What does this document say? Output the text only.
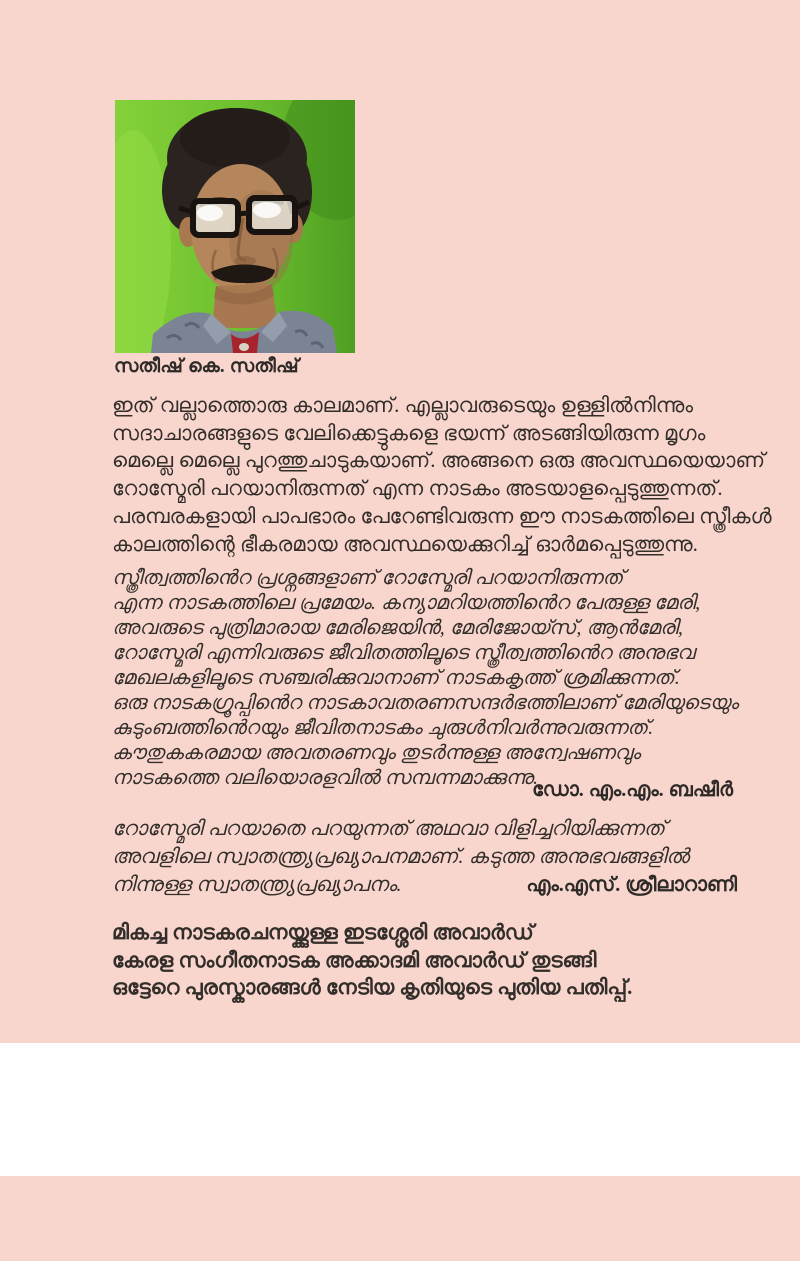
സതീഷ് കെ. സതീഷ്
ഇത് വല്ലാത്തൊരു കാലമാണ്. എല്ലാവരുടെയും ഉള്ളിൽനിന്നും
സദാചാരങ്ങളുടെ വേലിക്കെട്ടുകളെ ഭയന്ന് അടങ്ങിയിരുന്ന മൃഗം
മെല്ലെ മെല്ലെ പുറത്തുചാടുകയാണ്. അങ്ങനെ ഒരു അവസ്ഥയെയാണ്
റോസ്മേരി പറയാനിരുന്നത് എന്ന നാടകം അടയാളപ്പെടുത്തുന്നത്.
പരമ്പരകളായി പാപഭാരം പേറേണ്ടിവരുന്ന ഈ നാടകത്തിലെ സ്ത്രീകൾ
കാലത്തിന്റെ ഭീകരമായ അവസ്ഥയെക്കുറിച്ച് ഓർമപ്പെടുത്തുന്നു.
സ്ത്രീത്വത്തിൻെറ പ്രശ്നങ്ങളാണ് റോസ്മേരി പറയാനിരുന്നത്
എന്ന നാടകത്തിലെ പ്രമേയം. കന്യാമറിയത്തിൻെറ പേരുള്ള മേരി,
അവരുടെ പുത്രിമാരായ മേരിജെയിൻ, മേരിജോയ്സ്, ആൻമേരി,
റോസ്മേരി എന്നിവരുടെ ജീവിതത്തിലൂടെ സ്ത്രീത്വത്തിൻെറ അനുഭവ
മേഖലകളിലൂടെ സഞ്ചരിക്കുവാനാണ് നാടകകൃത്ത് ശ്രമിക്കുന്നത്.
ഒരു നാടകഗ്രൂപ്പിൻെറ നാടകാവതരണസന്ദർഭത്തിലാണ് മേരിയുടെയും
കുടുംബത്തിൻെറയും ജീവിതനാടകം ചുരുൾനിവർന്നുവരുന്നത്.
കൗതുകകരമായ അവതരണവും തുടർന്നുള്ള അന്വേഷണവും
നാടകത്തെ വലിയൊരളവിൽ സമ്പന്നമാക്കുന്നു.
ഡോ. എം.എം. ബഷീർ
റോസ്മേരി പറയാതെ പറയുന്നത് അഥവാ വിളിച്ചറിയിക്കുന്നത്
അവളിലെ സ്വാതന്ത്ര്യപ്രഖ്യാപനമാണ്. കടുത്ത അനുഭവങ്ങളിൽ
നിന്നുള്ള സ്വാതന്ത്ര്യപ്രഖ്യാപനം.	എം.എസ്. ശ്രീലാറാണി
മികച്ച നാടകരചനയ്ക്കുള്ള ഇടശ്ശേരി അവാർഡ്
കേരള സംഗീതനാടക അക്കാദമി അവാർഡ് തുടങ്ങി
ഒട്ടേറെ പുരസ്കാരങ്ങൾ നേടിയ കൃതിയുടെ പുതിയ പതിപ്പ്.
